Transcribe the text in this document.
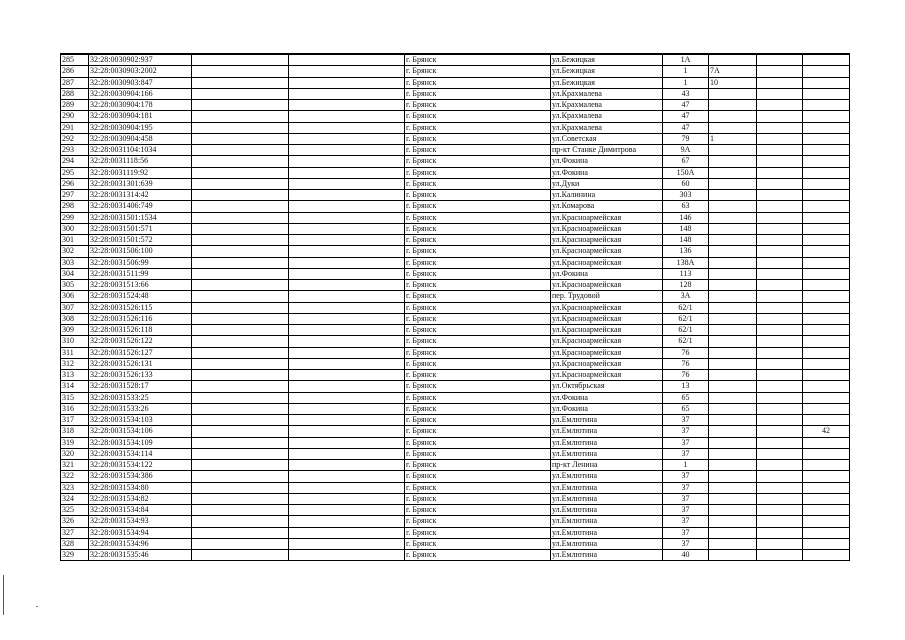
285	32:28:0030902:937			г. Брянск	ул.Бежицкая	1А			
286	32:28:0030903:2002			г. Брянск	ул.Бежицкая	1	7А		
287	32:28:0030903:847			г. Брянск	ул.Бежицкая	1	10		
288	32:28:0030904:166			г. Брянск	ул.Крахмалева	43			
289	32:28:0030904:178			г. Брянск	ул.Крахмалева	47			
290	32:28:0030904:181			г. Брянск	ул.Крахмалева	47			
291	32:28:0030904:195			г. Брянск	ул.Крахмалева	47			
292	32:28:0030904:458			г. Брянск	ул.Советская	79	1		
293	32:28:0031104:1034			г. Брянск	пр-кт Станке Димитрова	9А			
294	32:28:0031118:56			г. Брянск	ул.Фокина	67			
295	32:28:0031119:92			г. Брянск	ул.Фокина	150А			
296	32:28:0031301:639			г. Брянск	ул.Дуки	60			
297	32:28:0031314:42			г. Брянск	ул.Калинина	303			
298	32:28:0031406:749			г. Брянск	ул.Комарова	63			
299	32:28:0031501:1534			г. Брянск	ул.Красноармейская	146			
300	32:28:0031501:571			г. Брянск	ул.Красноармейская	148			
301	32:28:0031501:572			г. Брянск	ул.Красноармейская	148			
302	32:28:0031506:100			г. Брянск	ул.Красноармейская	136			
303	32:28:0031506:99			г. Брянск	ул.Красноармейская	138А			
304	32:28:0031511:99			г. Брянск	ул.Фокина	113			
305	32:28:0031513:66			г. Брянск	ул.Красноармейская	128			
306	32:28:0031524:48			г. Брянск	пер. Трудовой	3А			
307	32:28:0031526:115			г. Брянск	ул.Красноармейская	62/1			
308	32:28:0031526:116			г. Брянск	ул.Красноармейская	62/1			
309	32:28:0031526:118			г. Брянск	ул.Красноармейская	62/1			
310	32:28:0031526:122			г. Брянск	ул.Красноармейская	62/1			
311	32:28:0031526:127			г. Брянск	ул.Красноармейская	76			
312	32:28:0031526:131			г. Брянск	ул.Красноармейская	76			
313	32:28:0031526:133			г. Брянск	ул.Красноармейская	76			
314	32:28:0031528:17			г. Брянск	ул.Октябрьская	13			
315	32:28:0031533:25			г. Брянск	ул.Фокина	65			
316	32:28:0031533:26			г. Брянск	ул.Фокина	65			
317	32:28:0031534:103			г. Брянск	ул.Емлютина	37			
318	32:28:0031534:106			г. Брянск	ул.Емлютина	37			42
319	32:28:0031534:109			г. Брянск	ул.Емлютина	37			
320	32:28:0031534:114			г. Брянск	ул.Емлютина	37			
321	32:28:0031534:122			г. Брянск	пр-кт Ленина	1			
322	32:28:0031534:386			г. Брянск	ул.Емлютина	37			
323	32:28:0031534:80			г. Брянск	ул.Емлютина	37			
324	32:28:0031534:82			г. Брянск	ул.Емлютина	37			
325	32:28:0031534:84			г. Брянск	ул.Емлютина	37			
326	32:28:0031534:93			г. Брянск	ул.Емлютина	37			
327	32:28:0031534:94			г. Брянск	ул.Емлютина	37			
328	32:28:0031534:96			г. Брянск	ул.Емлютина	37			
329	32:28:0031535:46			г. Брянск	ул.Емлютина	40			
